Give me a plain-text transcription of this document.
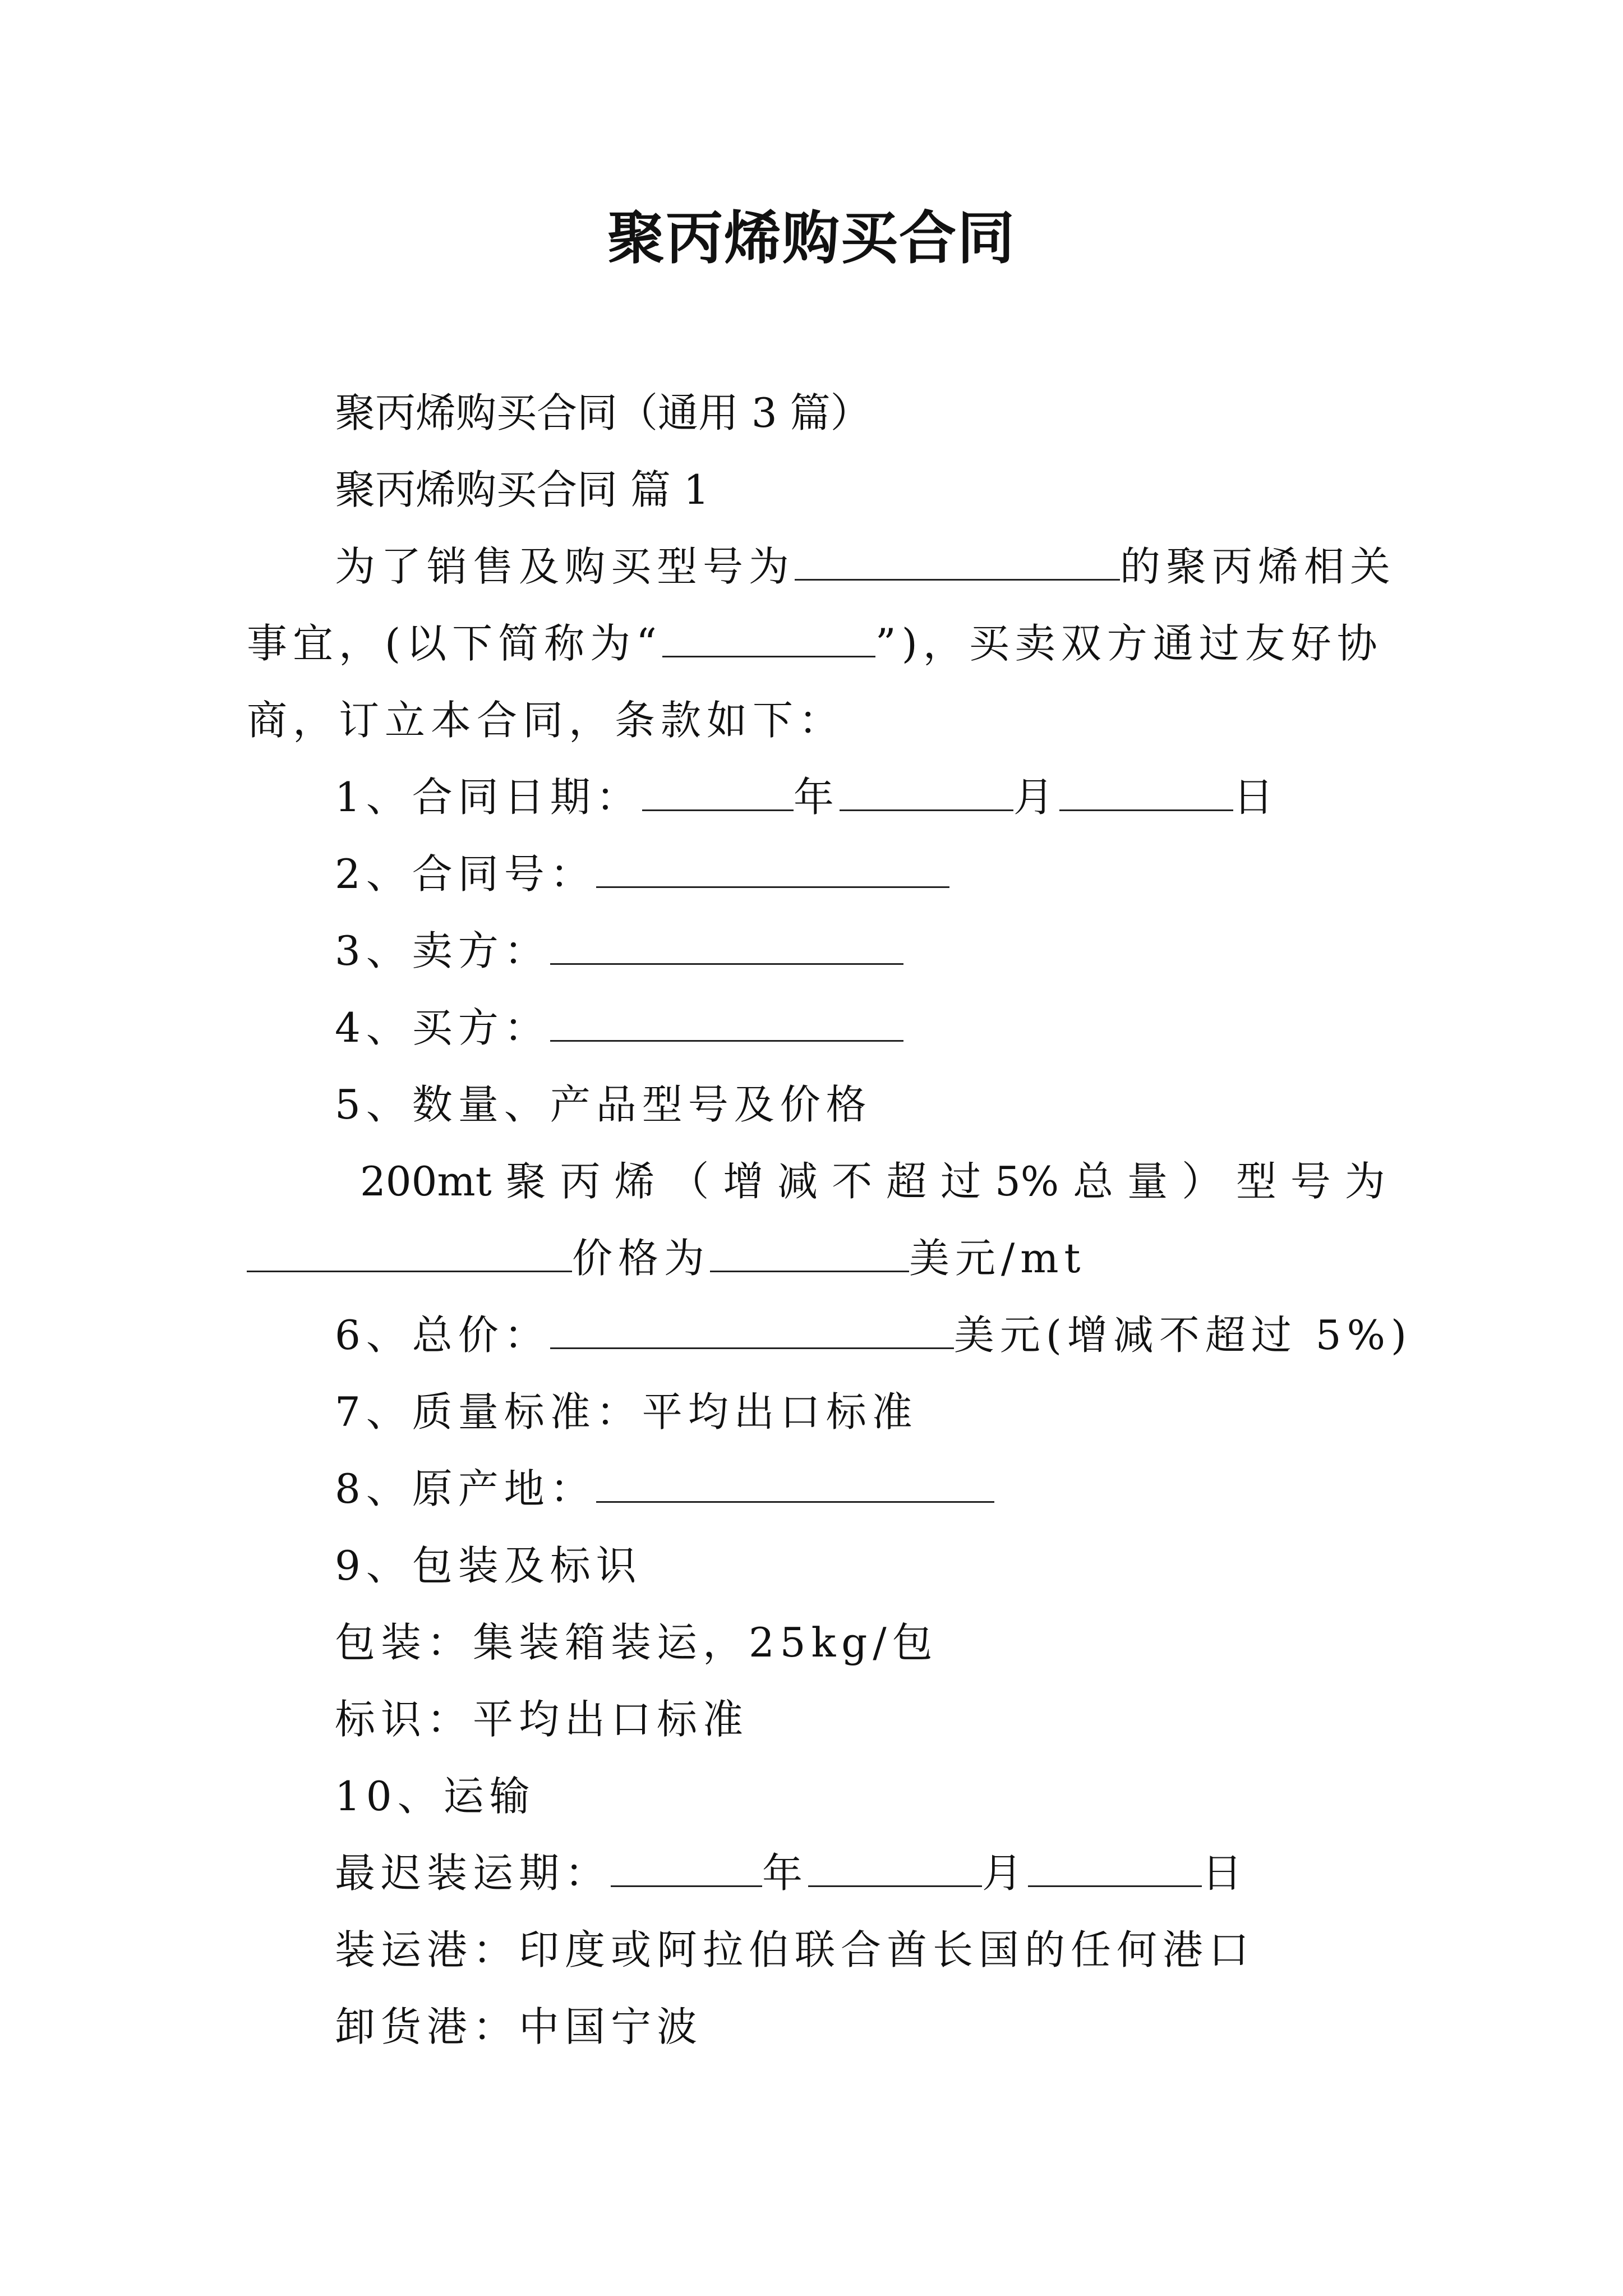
聚丙烯购买合同
聚丙烯购买合同（通用 3 篇）
聚丙烯购买合同 篇 1
为了销售及购买型号为	的聚丙烯相关
事宜，(以下简称为“	”)，买卖双方通过友好协
商，订立本合同，条款如下：
1、合同日期：	年	月	日
2、合同号：
3、卖方：
4、买方：
5、数量、产品型号及价格
200mt 聚 丙 烯 （ 增 减 不 超 过 5% 总 量 ） 型 号 为
价格为	美元/mt
6、总价：	美元(增减不超过 5%)
7、质量标准：平均出口标准
8、原产地：
9、包装及标识
包装：集装箱装运，25kg/包
标识：平均出口标准
10、运输
最迟装运期：	年	月	日
装运港：印度或阿拉伯联合酋长国的任何港口
卸货港：中国宁波
